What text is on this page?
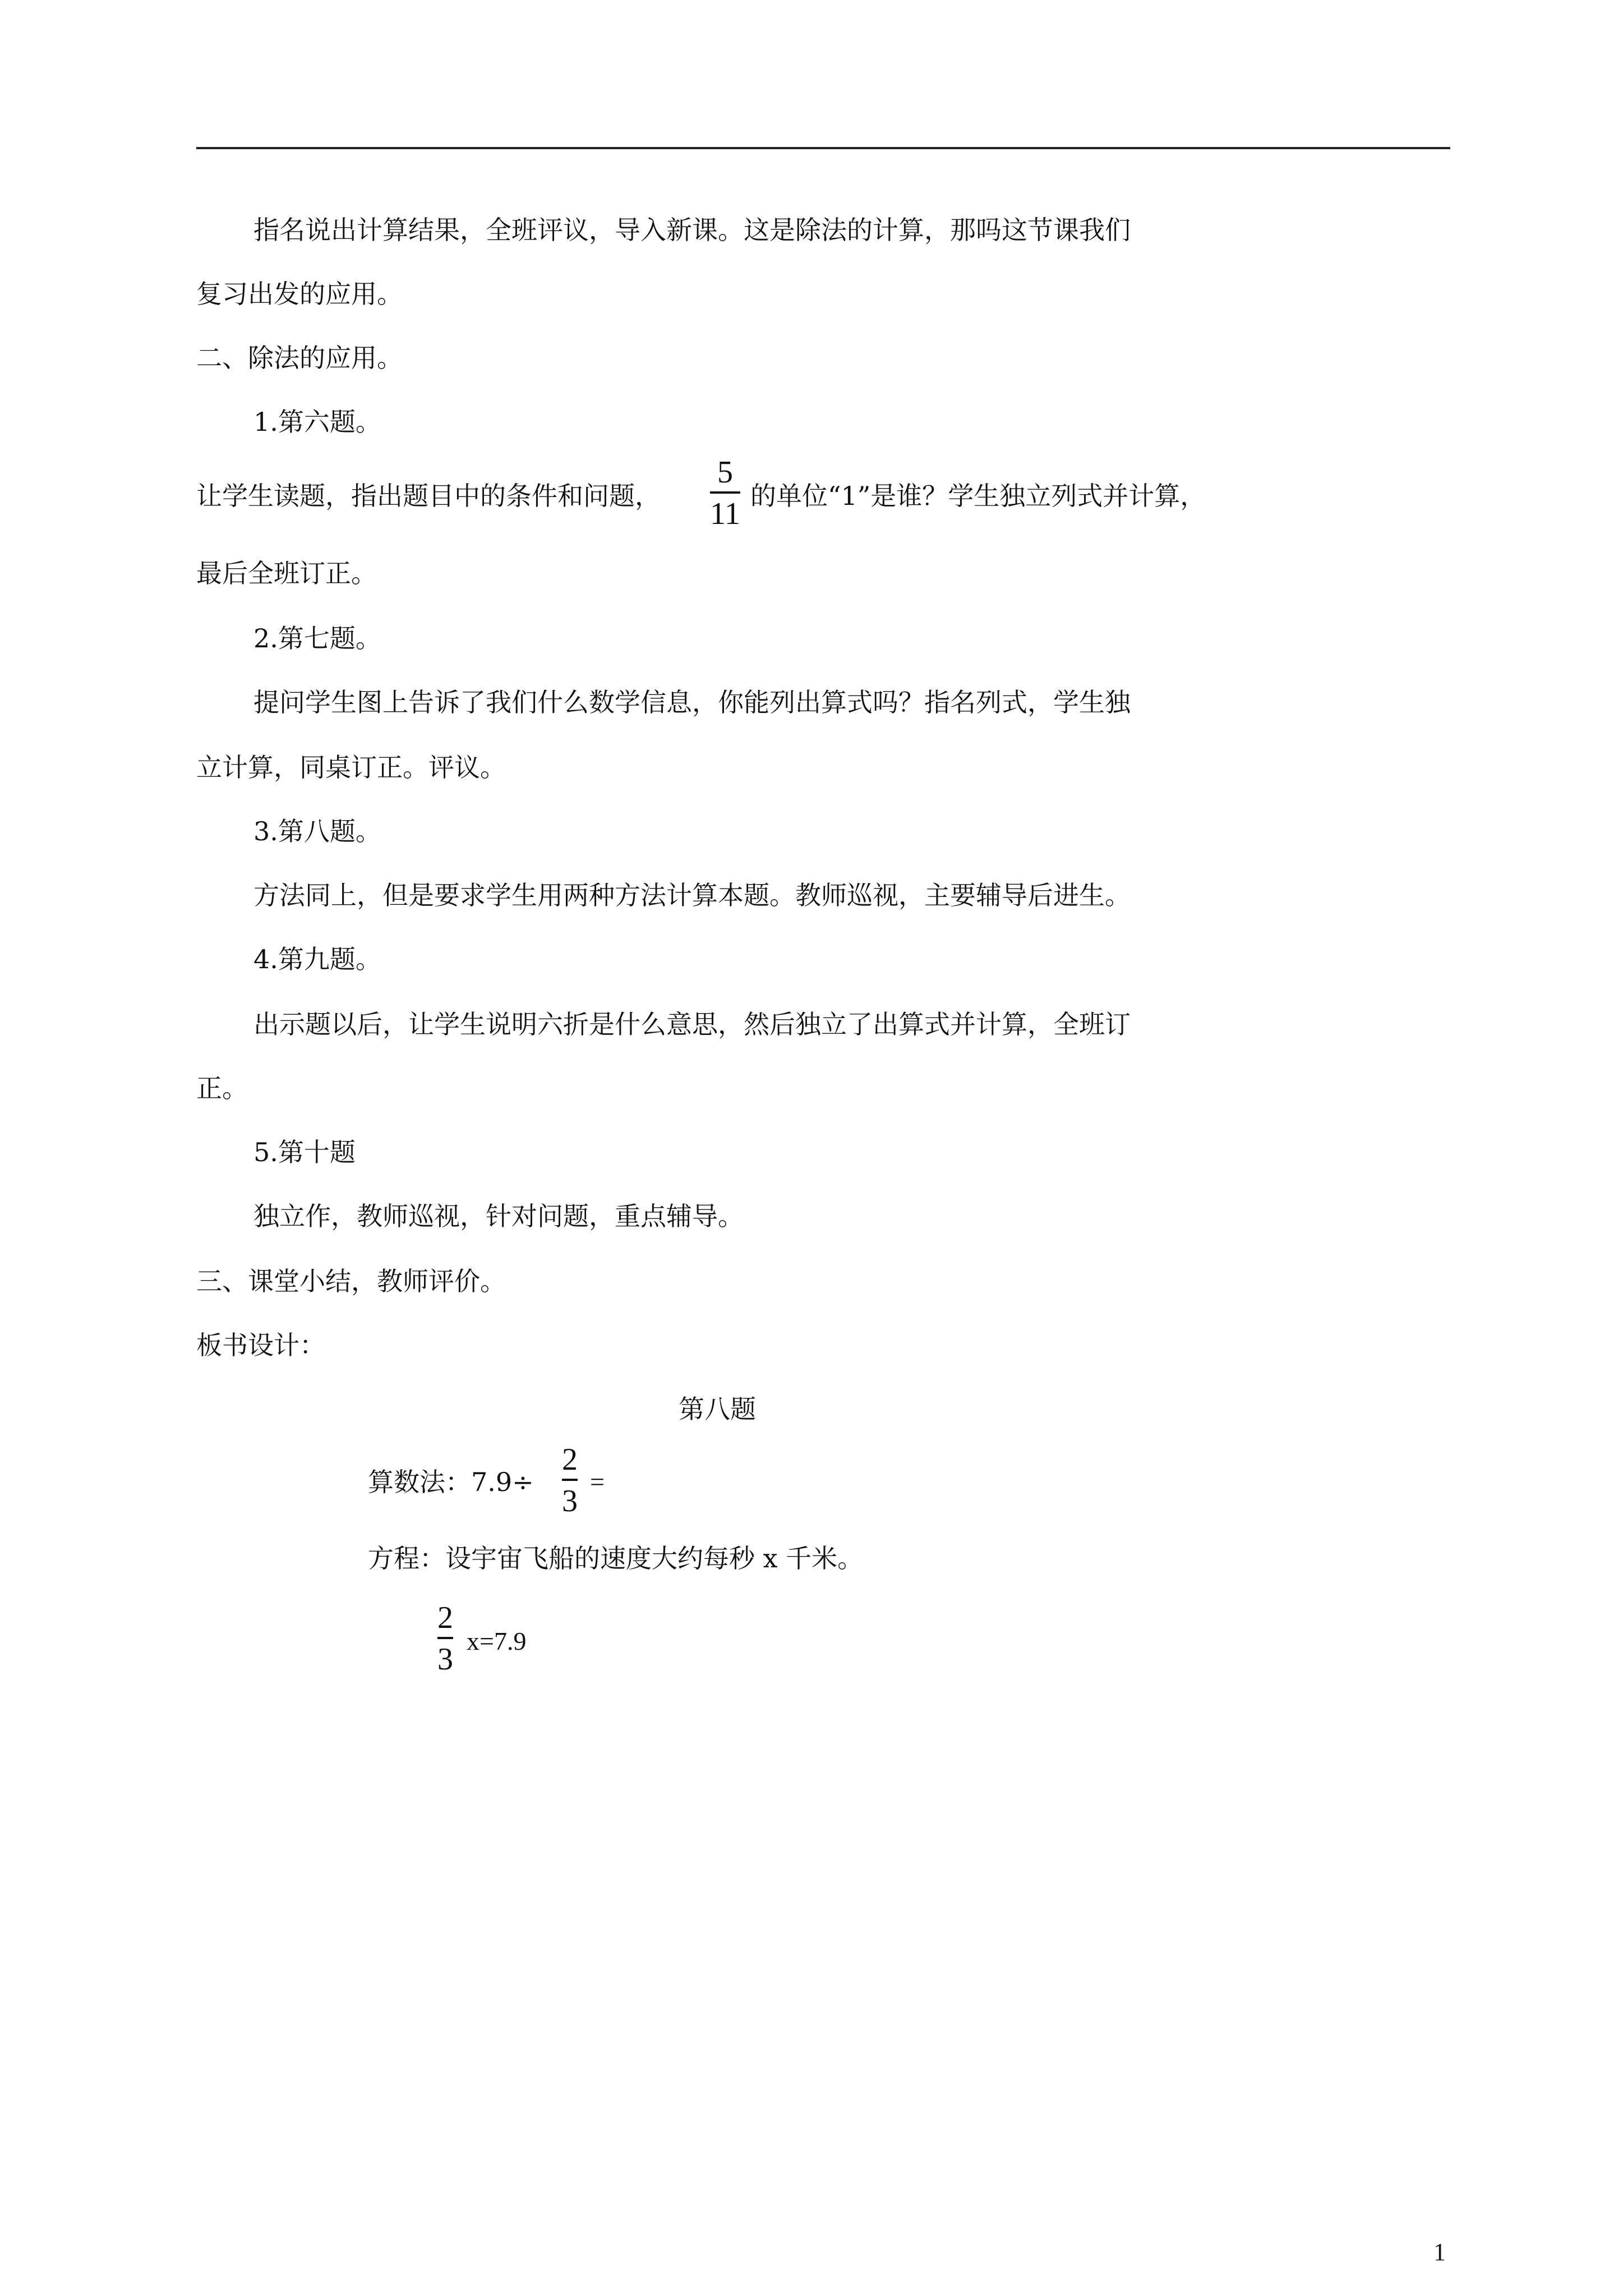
指名说出计算结果，全班评议，导入新课。这是除法的计算，那吗这节课我们
复习出发的应用。
二、除法的应用。
1.第六题。
让学生读题，指出题目中的条件和问题，
5
11
的单位“1”是谁？学生独立列式并计算，
最后全班订正。
2.第七题。
提问学生图上告诉了我们什么数学信息，你能列出算式吗？指名列式，学生独
立计算，同桌订正。评议。
3.第八题。
方法同上，但是要求学生用两种方法计算本题。教师巡视，主要辅导后进生。
4.第九题。
出示题以后，让学生说明六折是什么意思，然后独立了出算式并计算，全班订
正。
5.第十题
独立作，教师巡视，针对问题，重点辅导。
三、课堂小结，教师评价。
板书设计：
第八题
算数法：7.9÷
2
3
=
方程：设宇宙飞船的速度大约每秒 x 千米。
2
3
x=7.9
1
